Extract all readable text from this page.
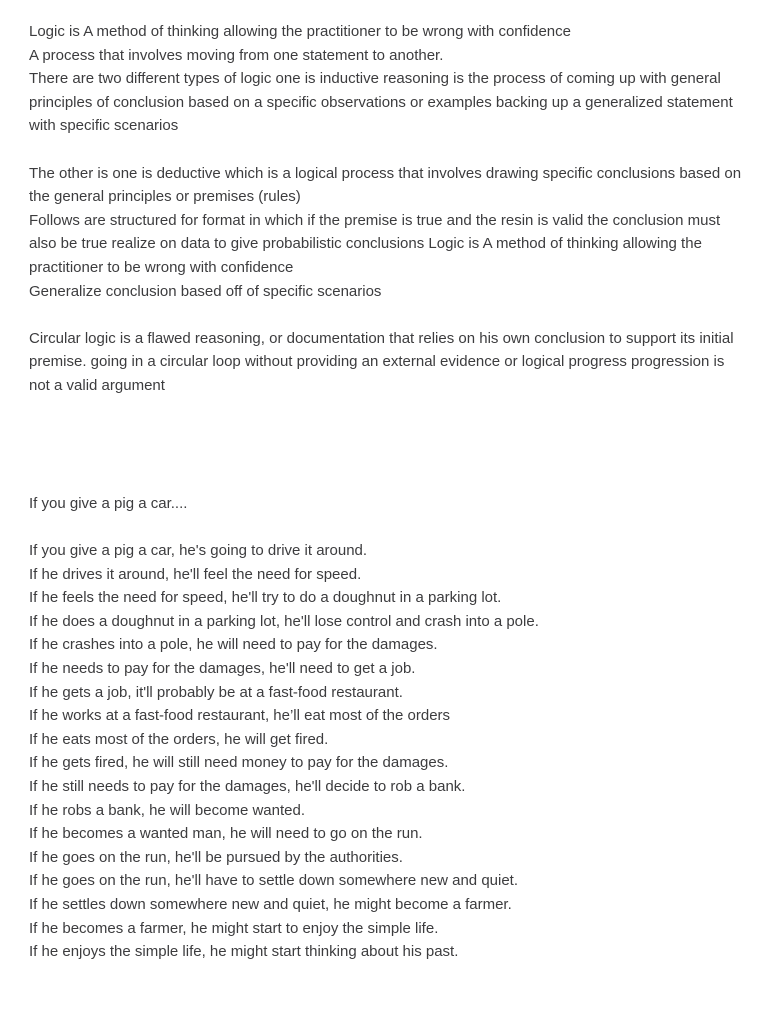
Logic is A method of thinking allowing the practitioner to be wrong with confidence

A process that involves moving from one statement to another.

There are two different types of logic one is inductive reasoning is the process of coming up with general principles of conclusion based on a specific observations or examples backing up a generalized statement with specific scenarios

The other is one is deductive which is a logical process that involves drawing specific conclusions based on the general principles or premises (rules)

Follows are structured for format in which if the premise is true and the resin is valid the conclusion must also be true realize on data to give probabilistic conclusions Logic is A method of thinking allowing the practitioner to be wrong with confidence

Generalize conclusion based off of specific scenarios

Circular logic is a flawed reasoning, or documentation that relies on his own conclusion to support its initial premise. going in a circular loop without providing an external evidence or logical progress progression is not a valid argument

If you give a pig a car....

If you give a pig a car, he's going to drive it around.
If he drives it around, he'll feel the need for speed.
If he feels the need for speed, he'll try to do a doughnut in a parking lot.
If he does a doughnut in a parking lot, he'll lose control and crash into a pole.
If he crashes into a pole, he will need to pay for the damages.
If he needs to pay for the damages, he'll need to get a job.
If he gets a job, it'll probably be at a fast-food restaurant.
If he works at a fast-food restaurant, he’ll eat most of the orders
If he eats most of the orders, he will get fired.
If he gets fired, he will still need money to pay for the damages.
If he still needs to pay for the damages, he'll decide to rob a bank.
If he robs a bank, he will become wanted.
If he becomes a wanted man, he will need to go on the run.
If he goes on the run, he'll be pursued by the authorities.
If he goes on the run, he'll have to settle down somewhere new and quiet.
If he settles down somewhere new and quiet, he might become a farmer.
If he becomes a farmer, he might start to enjoy the simple life.
If he enjoys the simple life, he might start thinking about his past.
